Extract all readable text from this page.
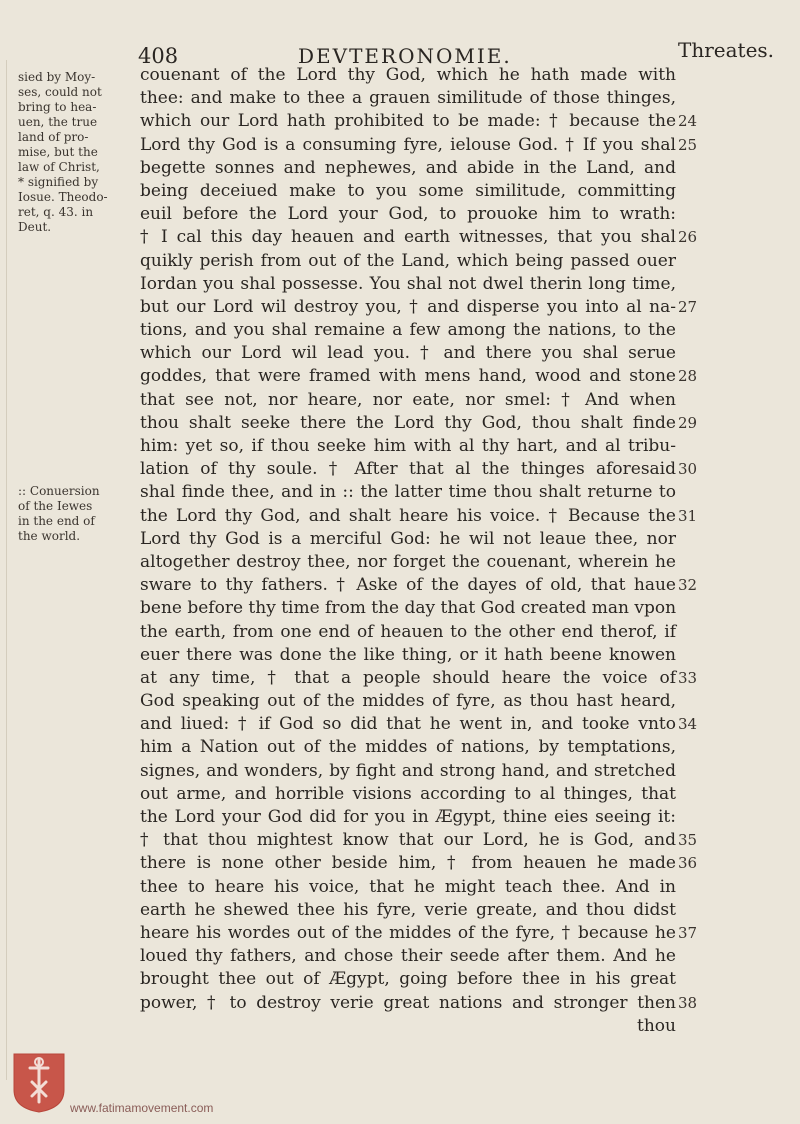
408	DEVTERONOMIE.	Threates.
sied by Moy-
ses, could not
bring to hea-
uen, the true
land of pro-
mise, but the
law of Christ,
* signified by
Iosue. Theodo-
ret, q. 43. in
Deut.
:: Conuersion
of the Iewes
in the end of
the world.
couenant of the Lord thy God, which he hath made with
thee: and make to thee a grauen similitude of those thinges,
which our Lord hath prohibited to be made: † because the
Lord thy God is a consuming fyre, ielouse God. † If you shal
begette sonnes and nephewes, and abide in the Land, and
being deceiued make to you some similitude, committing
euil before the Lord your God, to prouoke him to wrath:
† I cal this day heauen and earth witnesses, that you shal
quikly perish from out of the Land, which being passed ouer
Iordan you shal possesse. You shal not dwel therin long time,
but our Lord wil destroy you, † and disperse you into al na-
tions, and you shal remaine a few among the nations, to the
which our Lord wil lead you. † and there you shal serue
goddes, that were framed with mens hand, wood and stone
that see not, nor heare, nor eate, nor smel: † And when
thou shalt seeke there the Lord thy God, thou shalt finde
him: yet so, if thou seeke him with al thy hart, and al tribu-
lation of thy soule. † After that al the thinges aforesaid
shal finde thee, and in :: the latter time thou shalt returne to
the Lord thy God, and shalt heare his voice. † Because the
Lord thy God is a merciful God: he wil not leaue thee, nor
altogether destroy thee, nor forget the couenant, wherein he
sware to thy fathers. † Aske of the dayes of old, that haue
bene before thy time from the day that God created man vpon
the earth, from one end of heauen to the other end therof, if
euer there was done the like thing, or it hath beene knowen
at any time, † that a people should heare the voice of
God speaking out of the middes of fyre, as thou hast heard,
and liued: † if God so did that he went in, and tooke vnto
him a Nation out of the middes of nations, by temptations,
signes, and wonders, by fight and strong hand, and stretched
out arme, and horrible visions according to al thinges, that
the Lord your God did for you in Ægypt, thine eies seeing it:
† that thou mightest know that our Lord, he is God, and
there is none other beside him, † from heauen he made
thee to heare his voice, that he might teach thee. And in
earth he shewed thee his fyre, verie greate, and thou didst
heare his wordes out of the middes of the fyre, † because he
loued thy fathers, and chose their seede after them. And he
brought thee out of Ægypt, going before thee in his great
power, † to destroy verie great nations and stronger then
thou
24
25
26
27
28
29
30
31
32
33
34
35
36
37
38
www.fatimamovement.com
